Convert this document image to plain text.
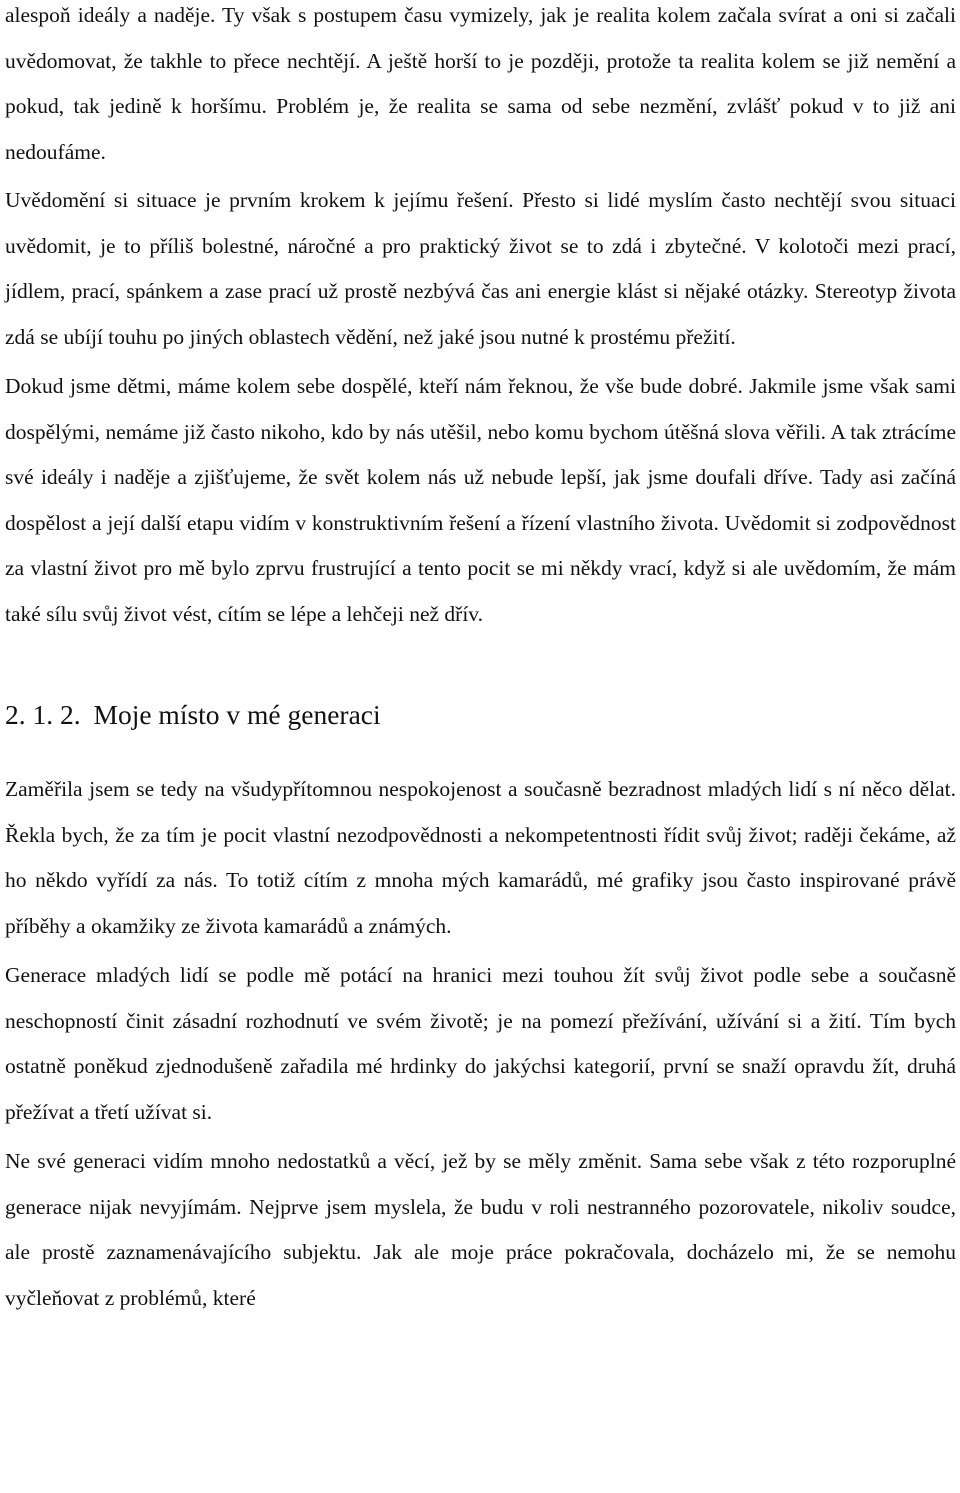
alespoň ideály a naděje. Ty však s postupem času vymizely, jak je realita kolem začala svírat a oni si začali uvědomovat, že takhle to přece nechtějí. A ještě horší to je později, protože ta realita kolem se již nemění a pokud, tak jedině k horšímu. Problém je, že realita se sama od sebe nezmění, zvlášť pokud v to již ani nedoufáme.

Uvědomění si situace je prvním krokem k jejímu řešení. Přesto si lidé myslím často nechtějí svou situaci uvědomit, je to příliš bolestné, náročné a pro praktický život se to zdá i zbytečné. V kolotoči mezi prací, jídlem, prací, spánkem a zase prací už prostě nezbývá čas ani energie klást si nějaké otázky. Stereotyp života zdá se ubíjí touhu po jiných oblastech vědění, než jaké jsou nutné k prostému přežití.

Dokud jsme dětmi, máme kolem sebe dospělé, kteří nám řeknou, že vše bude dobré. Jakmile jsme však sami dospělými, nemáme již často nikoho, kdo by nás utěšil, nebo komu bychom útěšná slova věřili. A tak ztrácíme své ideály i naděje a zjišťujeme, že svět kolem nás už nebude lepší, jak jsme doufali dříve. Tady asi začíná dospělost a její další etapu vidím v konstruktivním řešení a řízení vlastního života. Uvědomit si zodpovědnost za vlastní život pro mě bylo zprvu frustrující a tento pocit se mi někdy vrací, když si ale uvědomím, že mám také sílu svůj život vést, cítím se lépe a lehčeji než dřív.

2. 1. 2. Moje místo v mé generaci

Zaměřila jsem se tedy na všudypřítomnou nespokojenost a současně bezradnost mladých lidí s ní něco dělat. Řekla bych, že za tím je pocit vlastní nezodpovědnosti a nekompetentnosti řídit svůj život; raději čekáme, až ho někdo vyřídí za nás. To totiž cítím z mnoha mých kamarádů, mé grafiky jsou často inspirované právě příběhy a okamžiky ze života kamarádů a známých.

Generace mladých lidí se podle mě potácí na hranici mezi touhou žít svůj život podle sebe a současně neschopností činit zásadní rozhodnutí ve svém životě; je na pomezí přežívání, užívání si a žití. Tím bych ostatně poněkud zjednodušeně zařadila mé hrdinky do jakýchsi kategorií, první se snaží opravdu žít, druhá přežívat a třetí užívat si.

Ne své generaci vidím mnoho nedostatků a věcí, jež by se měly změnit. Sama sebe však z této rozporuplné generace nijak nevyjímám. Nejprve jsem myslela, že budu v roli nestranného pozorovatele, nikoliv soudce, ale prostě zaznamenávajícího subjektu. Jak ale moje práce pokračovala, docházelo mi, že se nemohu vyčleňovat z problémů, které
